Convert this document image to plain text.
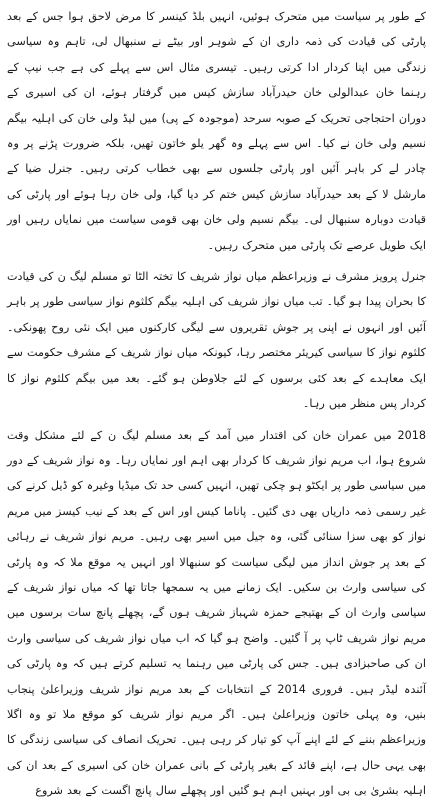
کے طور پر سیاست میں متحرک ہوئیں، انہیں بلڈ کینسر کا مرض لاحق ہوا جس کے بعد پارٹی کی قیادت کی ذمہ داری ان کے شوہر اور بیٹے نے سنبھال لی، تاہم وہ سیاسی زندگی میں اپنا کردار ادا کرتی رہیں۔ تیسری مثال اس سے پہلے کی ہے جب نیپ کے رہنما خان عبدالولی خان حیدرآباد سازش کیس میں گرفتار ہوئے، ان کی اسیری کے دوران احتجاجی تحریک کے صوبہ سرحد (موجودہ کے پی) میں لیڈ ولی خان کی اہلیہ بیگم نسیم ولی خان نے کیا۔ اس سے پہلے وہ گھر یلو خاتون تھیں، بلکہ ضرورت پڑنے پر وہ چادر لے کر باہر آئیں اور پارٹی جلسوں سے بھی خطاب کرتی رہیں۔ جنرل ضیا کے مارشل لا کے بعد حیدرآباد سازش کیس ختم کر دیا گیا، ولی خان رہا ہوئے اور پارٹی کی قیادت دوبارہ سنبھال لی۔ بیگم نسیم ولی خان بھی قومی سیاست میں نمایاں رہیں اور ایک طویل عرصے تک پارٹی میں متحرک رہیں۔

جنرل پرویز مشرف نے وزیراعظم میاں نواز شریف کا تختہ الٹا تو مسلم لیگ ن کی قیادت کا بحران پیدا ہو گیا۔ تب میاں نواز شریف کی اہلیہ بیگم کلثوم نواز سیاسی طور پر باہر آئیں اور انہوں نے اپنی پر جوش تقریروں سے لیگی کارکنوں میں ایک نئی روح پھونکی۔ کلثوم نواز کا سیاسی کیریئر مختصر رہا، کیونکہ میاں نواز شریف کے مشرف حکومت سے ایک معاہدے کے بعد کئی برسوں کے لئے جلاوطن ہو گئے۔ بعد میں بیگم کلثوم نواز کا کردار پس منظر میں رہا۔

2018 میں عمران خان کی اقتدار میں آمد کے بعد مسلم لیگ ن کے لئے مشکل وقت شروع ہوا، اب مریم نواز شریف کا کردار بھی اہم اور نمایاں رہا۔ وہ نواز شریف کے دور میں سیاسی طور پر ایکٹو ہو چکی تھیں، انہیں کسی حد تک میڈیا وغیرہ کو ڈیل کرنے کی غیر رسمی ذمہ داریاں بھی دی گئیں۔ پاناما کیس اور اس کے بعد کے نیب کیسز میں مریم نواز کو بھی سزا سنائی گئی، وہ جیل میں اسیر بھی رہیں۔ مریم نواز شریف نے رہائی کے بعد پر جوش انداز میں لیگی سیاست کو سنبھالا اور انہیں یہ موقع ملا کہ وہ پارٹی کی سیاسی وارث بن سکیں۔ ایک زمانے میں یہ سمجھا جاتا تھا کہ میاں نواز شریف کے سیاسی وارث ان کے بھتیجے حمزہ شہباز شریف ہوں گے، پچھلے پانچ سات برسوں میں مریم نواز شریف ٹاپ پر آ گئیں۔ واضح ہو گیا کہ اب میاں نواز شریف کی سیاسی وارث ان کی صاحبزادی ہیں۔ جس کی پارٹی میں رہنما یہ تسلیم کرتے ہیں کہ وہ پارٹی کی آئندہ لیڈر ہیں۔ فروری 2014 کے انتخابات کے بعد مریم نواز شریف وزیراعلیٰ پنجاب بنیں، وہ پہلی خاتون وزیراعلیٰ ہیں۔ اگر مریم نواز شریف کو موقع ملا تو وہ اگلا وزیراعظم بننے کے لئے اپنے آپ کو تیار کر رہی ہیں۔ تحریک انصاف کی سیاسی زندگی کا بھی یہی حال ہے، اپنے قائد کے بغیر پارٹی کے بانی عمران خان کی اسیری کے بعد ان کی اہلیہ بشریٰ بی بی اور بہنیں اہم ہو گئیں اور پچھلے سال پانچ اگست کے بعد شروع
